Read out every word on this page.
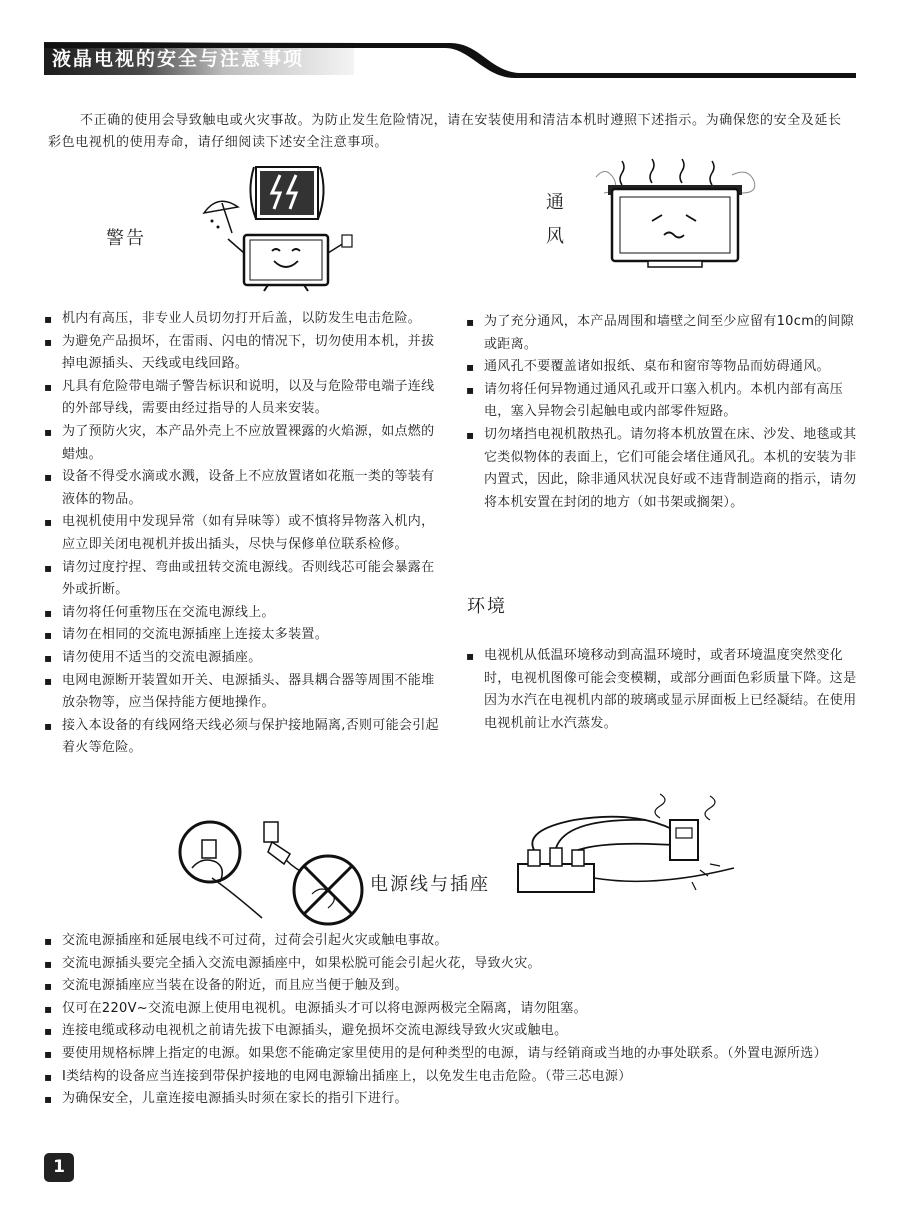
液晶电视的安全与注意事项

不正确的使用会导致触电或火灾事故。为防止发生危险情况，请在安装使用和清洁本机时遵照下述指示。为确保您的安全及延长彩色电视机的使用寿命，请仔细阅读下述安全注意事项。

警告
通
风
▪ 机内有高压，非专业人员切勿打开后盖，以防发生电击危险。
▪ 为避免产品损坏，在雷雨、闪电的情况下，切勿使用本机，并拔掉电源插头、天线或电线回路。
▪ 凡具有危险带电端子警告标识和说明，以及与危险带电端子连线的外部导线，需要由经过指导的人员来安装。
▪ 为了预防火灾，本产品外壳上不应放置裸露的火焰源，如点燃的蜡烛。
▪ 设备不得受水滴或水溅，设备上不应放置诸如花瓶一类的等装有液体的物品。
▪ 电视机使用中发现异常（如有异味等）或不慎将异物落入机内，应立即关闭电视机并拔出插头，尽快与保修单位联系检修。
▪ 请勿过度拧捏、弯曲或扭转交流电源线。否则线芯可能会暴露在外或折断。
▪ 请勿将任何重物压在交流电源线上。
▪ 请勿在相同的交流电源插座上连接太多装置。
▪ 请勿使用不适当的交流电源插座。
▪ 电网电源断开装置如开关、电源插头、器具耦合器等周围不能堆放杂物等，应当保持能方便地操作。
▪ 接入本设备的有线网络天线必须与保护接地隔离,否则可能会引起着火等危险。
▪ 为了充分通风，本产品周围和墙壁之间至少应留有10cm的间隙或距离。
▪ 通风孔不要覆盖诸如报纸、桌布和窗帘等物品而妨碍通风。
▪ 请勿将任何异物通过通风孔或开口塞入机内。本机内部有高压电，塞入异物会引起触电或内部零件短路。
▪ 切勿堵挡电视机散热孔。请勿将本机放置在床、沙发、地毯或其它类似物体的表面上，它们可能会堵住通风孔。本机的安装为非内置式，因此，除非通风状况良好或不违背制造商的指示，请勿将本机安置在封闭的地方（如书架或搁架）。
环境
▪ 电视机从低温环境移动到高温环境时，或者环境温度突然变化时，电视机图像可能会变模糊，或部分画面色彩质量下降。这是因为水汽在电视机内部的玻璃或显示屏面板上已经凝结。在使用电视机前让水汽蒸发。
电源线与插座
▪ 交流电源插座和延展电线不可过荷，过荷会引起火灾或触电事故。
▪ 交流电源插头要完全插入交流电源插座中，如果松脱可能会引起火花，导致火灾。
▪ 交流电源插座应当装在设备的附近，而且应当便于触及到。
▪ 仅可在220V~交流电源上使用电视机。电源插头才可以将电源两极完全隔离，请勿阻塞。
▪ 连接电缆或移动电视机之前请先拔下电源插头，避免损坏交流电源线导致火灾或触电。
▪ 要使用规格标牌上指定的电源。如果您不能确定家里使用的是何种类型的电源，请与经销商或当地的办事处联系。（外置电源所选）
▪ Ⅰ类结构的设备应当连接到带保护接地的电网电源输出插座上，以免发生电击危险。（带三芯电源）
▪ 为确保安全，儿童连接电源插头时须在家长的指引下进行。
1
